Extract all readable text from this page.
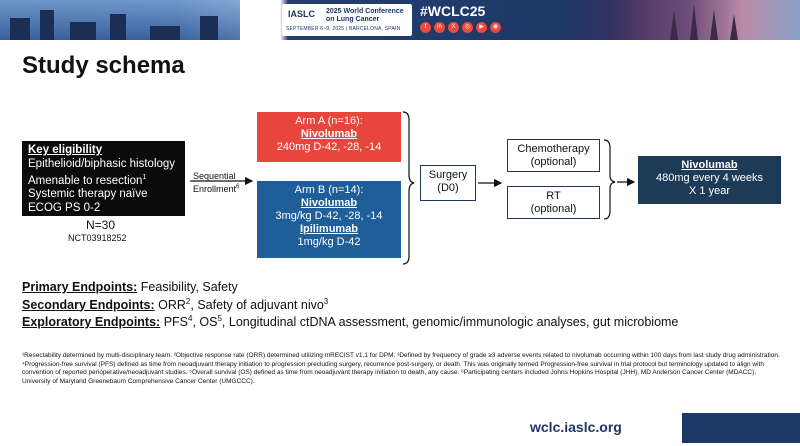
IASLC 2025 World Conference on Lung Cancer
SEPTEMBER 6–9, 2025 | BARCELONA, SPAIN
#WCLC25
f	in	X	◎	▶	◉
Study schema
Key eligibility
Epithelioid/biphasic histology
Amenable to resection$^1$
Systemic therapy naïve
ECOG PS 0-2
N=30
NCT03918252
Sequential
Enrollment$^6$
Arm A (n=16):
Nivolumab
240mg D-42, -28, -14
Arm B (n=14):
Nivolumab
3mg/kg D-42, -28, -14
Ipilimumab
1mg/kg D-42
Surgery
(D0)
Chemotherapy
(optional)
RT
(optional)
Nivolumab
480mg every 4 weeks
X 1 year
Primary Endpoints: Feasibility, Safety
Secondary Endpoints: ORR$^2$, Safety of adjuvant nivo$^3$
Exploratory Endpoints: PFS$^4$, $OS^5$, Longitudinal ctDNA assessment, genomic/immunologic analyses, gut microbiome
¹Resectability determined by multi-disciplinary team. ²Objective response rate (ORR) determined utilizing mRECIST v1.1 for DPM. ³Defined by frequency of grade ≥3 adverse events related to nivolumab occurring within 100 days from last study drug administration. ⁴Progression-free survival (PFS) defined as time from neoadjuvant therapy initiation to progression precluding surgery, recurrence post-surgery, or death. This was originally termed Progression-free survival in trial protocol but terminology updated to align with convention of reported perioperative/neoadjuvant studies. ⁵Overall survival (OS) defined as time from neoadjuvant therapy initiation to death, any cause. ⁶Participating centers included Johns Hopkins Hospital (JHH), MD Anderson Cancer Center (MDACC), University of Maryland Greenebaum Comprehensive Cancer Center (UMGCCC).
wclc.iaslc.org
